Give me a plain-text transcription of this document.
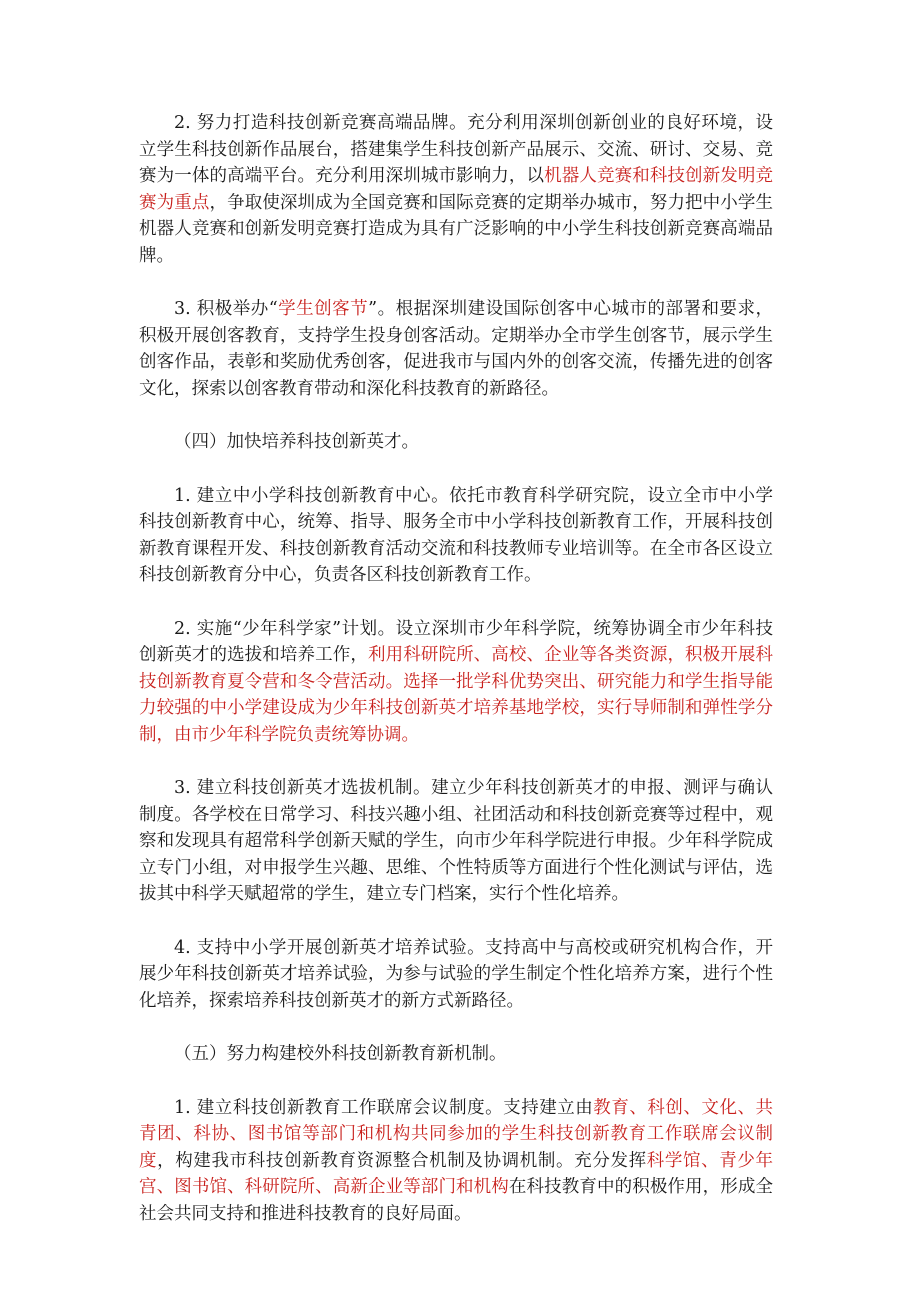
2. 努力打造科技创新竞赛高端品牌。充分利用深圳创新创业的良好环境，设立学生科技创新作品展台，搭建集学生科技创新产品展示、交流、研讨、交易、竞赛为一体的高端平台。充分利用深圳城市影响力，以机器人竞赛和科技创新发明竞赛为重点，争取使深圳成为全国竞赛和国际竞赛的定期举办城市，努力把中小学生机器人竞赛和创新发明竞赛打造成为具有广泛影响的中小学生科技创新竞赛高端品牌。

3. 积极举办“学生创客节”。根据深圳建设国际创客中心城市的部署和要求，积极开展创客教育，支持学生投身创客活动。定期举办全市学生创客节，展示学生创客作品，表彰和奖励优秀创客，促进我市与国内外的创客交流，传播先进的创客文化，探索以创客教育带动和深化科技教育的新路径。

（四）加快培养科技创新英才。

1. 建立中小学科技创新教育中心。依托市教育科学研究院，设立全市中小学科技创新教育中心，统筹、指导、服务全市中小学科技创新教育工作，开展科技创新教育课程开发、科技创新教育活动交流和科技教师专业培训等。在全市各区设立科技创新教育分中心，负责各区科技创新教育工作。

2. 实施“少年科学家”计划。设立深圳市少年科学院，统筹协调全市少年科技创新英才的选拔和培养工作，利用科研院所、高校、企业等各类资源，积极开展科技创新教育夏令营和冬令营活动。选择一批学科优势突出、研究能力和学生指导能力较强的中小学建设成为少年科技创新英才培养基地学校，实行导师制和弹性学分制，由市少年科学院负责统筹协调。

3. 建立科技创新英才选拔机制。建立少年科技创新英才的申报、测评与确认制度。各学校在日常学习、科技兴趣小组、社团活动和科技创新竞赛等过程中，观察和发现具有超常科学创新天赋的学生，向市少年科学院进行申报。少年科学院成立专门小组，对申报学生兴趣、思维、个性特质等方面进行个性化测试与评估，选拔其中科学天赋超常的学生，建立专门档案，实行个性化培养。

4. 支持中小学开展创新英才培养试验。支持高中与高校或研究机构合作，开展少年科技创新英才培养试验，为参与试验的学生制定个性化培养方案，进行个性化培养，探索培养科技创新英才的新方式新路径。

（五）努力构建校外科技创新教育新机制。

1. 建立科技创新教育工作联席会议制度。支持建立由教育、科创、文化、共青团、科协、图书馆等部门和机构共同参加的学生科技创新教育工作联席会议制度，构建我市科技创新教育资源整合机制及协调机制。充分发挥科学馆、青少年宫、图书馆、科研院所、高新企业等部门和机构在科技教育中的积极作用，形成全社会共同支持和推进科技教育的良好局面。
